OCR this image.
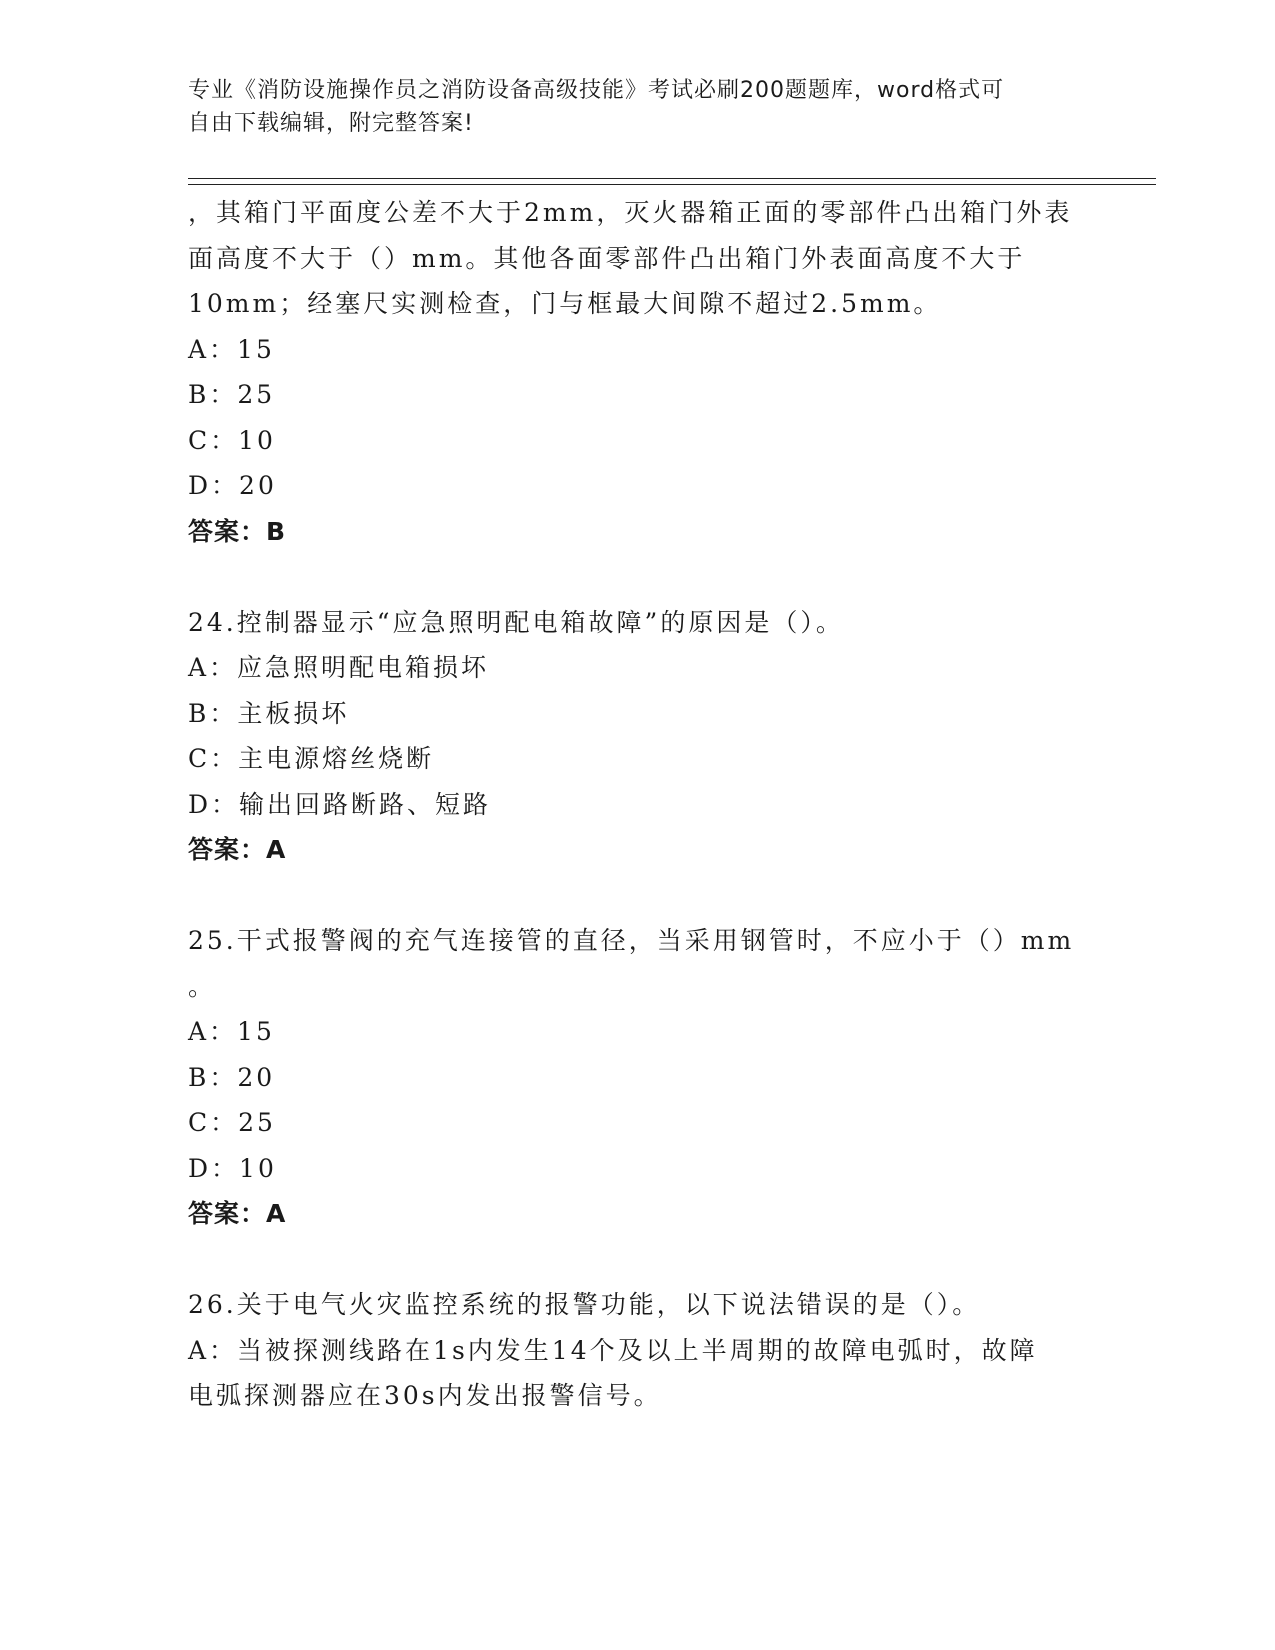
专业《消防设施操作员之消防设备高级技能》考试必刷200题题库，word格式可
自由下载编辑，附完整答案!
，其箱门平面度公差不大于2mm，灭火器箱正面的零部件凸出箱门外表
面高度不大于（）mm。其他各面零部件凸出箱门外表面高度不大于
10mm；经塞尺实测检查，门与框最大间隙不超过2.5mm。
A：15
B：25
C：10
D：20
答案：B
24.控制器显示“应急照明配电箱故障”的原因是（）。
A：应急照明配电箱损坏
B：主板损坏
C：主电源熔丝烧断
D：输出回路断路、短路
答案：A
25.干式报警阀的充气连接管的直径，当采用钢管时，不应小于（）mm
。
A：15
B：20
C：25
D：10
答案：A
26.关于电气火灾监控系统的报警功能，以下说法错误的是（）。
A：当被探测线路在1s内发生14个及以上半周期的故障电弧时，故障
电弧探测器应在30s内发出报警信号。
